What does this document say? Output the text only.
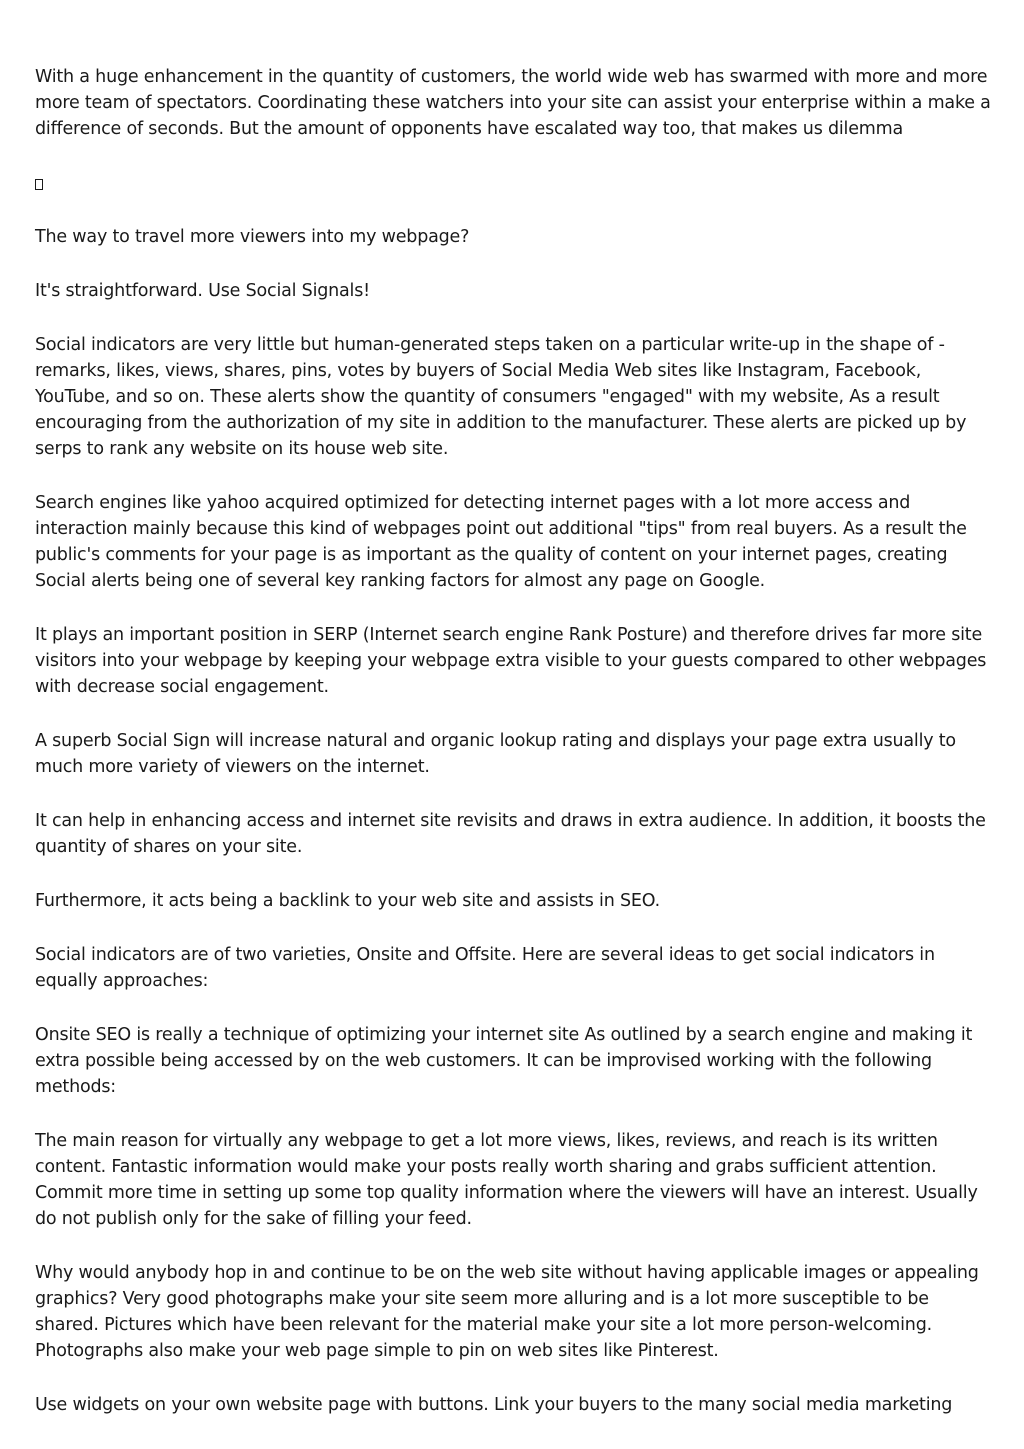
With a huge enhancement in the quantity of customers, the world wide web has swarmed with more and more more team of spectators. Coordinating these watchers into your site can assist your enterprise within a make a difference of seconds. But the amount of opponents have escalated way too, that makes us dilemma

The way to travel more viewers into my webpage?

It's straightforward. Use Social Signals!

Social indicators are very little but human-generated steps taken on a particular write-up in the shape of - remarks, likes, views, shares, pins, votes by buyers of Social Media Web sites like Instagram, Facebook, YouTube, and so on. These alerts show the quantity of consumers "engaged" with my website, As a result encouraging from the authorization of my site in addition to the manufacturer. These alerts are picked up by serps to rank any website on its house web site.

Search engines like yahoo acquired optimized for detecting internet pages with a lot more access and interaction mainly because this kind of webpages point out additional "tips" from real buyers. As a result the public's comments for your page is as important as the quality of content on your internet pages, creating Social alerts being one of several key ranking factors for almost any page on Google.

It plays an important position in SERP (Internet search engine Rank Posture) and therefore drives far more site visitors into your webpage by keeping your webpage extra visible to your guests compared to other webpages with decrease social engagement.

A superb Social Sign will increase natural and organic lookup rating and displays your page extra usually to much more variety of viewers on the internet.

It can help in enhancing access and internet site revisits and draws in extra audience. In addition, it boosts the quantity of shares on your site.

Furthermore, it acts being a backlink to your web site and assists in SEO.

Social indicators are of two varieties, Onsite and Offsite. Here are several ideas to get social indicators in equally approaches:

Onsite SEO is really a technique of optimizing your internet site As outlined by a search engine and making it extra possible being accessed by on the web customers. It can be improvised working with the following methods:

The main reason for virtually any webpage to get a lot more views, likes, reviews, and reach is its written content. Fantastic information would make your posts really worth sharing and grabs sufficient attention. Commit more time in setting up some top quality information where the viewers will have an interest. Usually do not publish only for the sake of filling your feed.

Why would anybody hop in and continue to be on the web site without having applicable images or appealing graphics? Very good photographs make your site seem more alluring and is a lot more susceptible to be shared. Pictures which have been relevant for the material make your site a lot more person-welcoming. Photographs also make your web page simple to pin on web sites like Pinterest.

Use widgets on your own website page with buttons. Link your buyers to the many social media marketing
